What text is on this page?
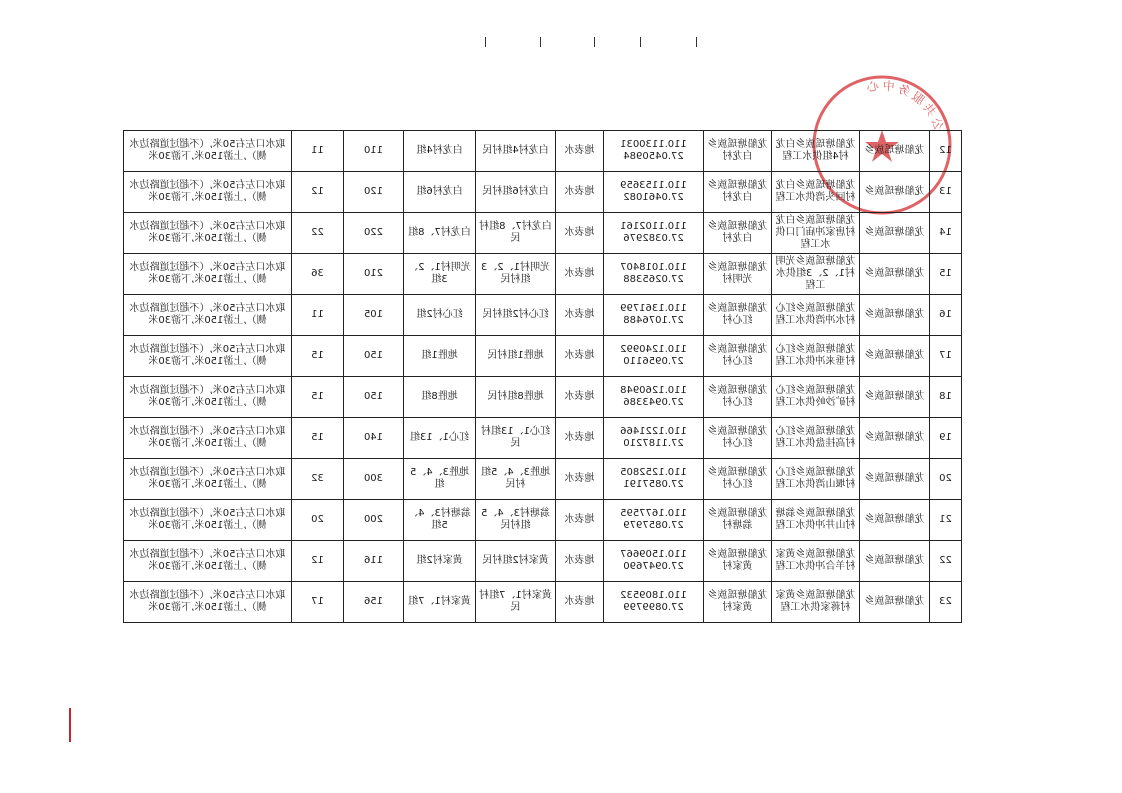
公共服务中心
12	龙船塘瑶族乡	龙船塘瑶族乡白龙村4组供水工程	龙船塘瑶族乡白龙村	110.1130031 27.0450984	地表水	白龙村4组村民	白龙村4组	110	11	取水口左右50米,（不超过道路边水侧）,上游150米,下游30米
13	龙船塘瑶族乡	龙船塘瑶族乡白龙村回头湾供水工程	龙船塘瑶族乡白龙村	110.1153659 27.0461082	地表水	白龙村6组村民	白龙村6组	120	12	取水口左右50米,（不超过道路边水侧）,上游150米,下游30米
14	龙船塘瑶族乡	龙船塘瑶族乡白龙村唐家冲庙门口供水工程	龙船塘瑶族乡白龙村	110.1102161 27.0382976	地表水	白龙村7、8组村民	白龙村7、8组	220	22	取水口左右50米,（不超过道路边水侧）,上游150米,下游30米
15	龙船塘瑶族乡	龙船塘瑶族乡光明村1、2、3组供水工程	龙船塘瑶族乡光明村	110.1018407 27.0265388	地表水	光明村1、2、3组村民	光明村1、2、3组	210	36	取水口左右50米,（不超过道路边水侧）,上游150米,下游30米
16	龙船塘瑶族乡	龙船塘瑶族乡红心村水冲湾供水工程	龙船塘瑶族乡红心村	110.1361799 27.1076488	地表水	红心村2组村民	红心村2组	105	11	取水口左右50米,（不超过道路边水侧）,上游150米,下游30米
17	龙船塘瑶族乡	龙船塘瑶族乡红心村垂来冲供水工程	龙船塘瑶族乡红心村	110.1240992 27.0956110	地表水	地胜1组村民	地胜1组	150	15	取水口左右50米,（不超过道路边水侧）,上游150米,下游30米
18	龙船塘瑶族乡	龙船塘瑶族乡红心村矿沙岭供水工程	龙船塘瑶族乡红心村	110.1260948 27.0943386	地表水	地胜8组村民	地胜8组	150	15	取水口左右50米,（不超过道路边水侧）,上游150米,下游30米
19	龙船塘瑶族乡	龙船塘瑶族乡红心村高挂盘供水工程	龙船塘瑶族乡红心村	110.1221466 27.1187210	地表水	红心1、13组村民	红心1、13组	140	15	取水口左右50米,（不超过道路边水侧）,上游150米,下游30米
20	龙船塘瑶族乡	龙船塘瑶族乡红心村堰山湾供水工程	龙船塘瑶族乡红心村	110.1252805 27.0857191	地表水	地胜3、4、5组村民	地胜3、4、5组	300	32	取水口左右50米,（不超过道路边水侧）,上游150米,下游30米
21	龙船塘瑶族乡	龙船塘瑶族乡翁塘村山井冲供水工程	龙船塘瑶族乡翁塘村	110.1677595 27.0857979	地表水	翁塘村3、4、5组村民	翁塘村3、4、5组	200	20	取水口左右50米,（不超过道路边水侧）,上游150米,下游30米
22	龙船塘瑶族乡	龙船塘瑶族乡黄家村羊合冲供水工程	龙船塘瑶族乡黄家村	110.1509667 27.0947690	地表水	黄家村2组村民	黄家村2组	116	12	取水口左右50米,（不超过道路边水侧）,上游150米,下游30米
23	龙船塘瑶族乡	龙船塘瑶族乡黄家村蒋家供水工程	龙船塘瑶族乡黄家村	110.1809532 27.0899799	地表水	黄家村1、7组村民	黄家村1、7组	156	17	取水口左右50米,（不超过道路边水侧）,上游150米,下游30米
